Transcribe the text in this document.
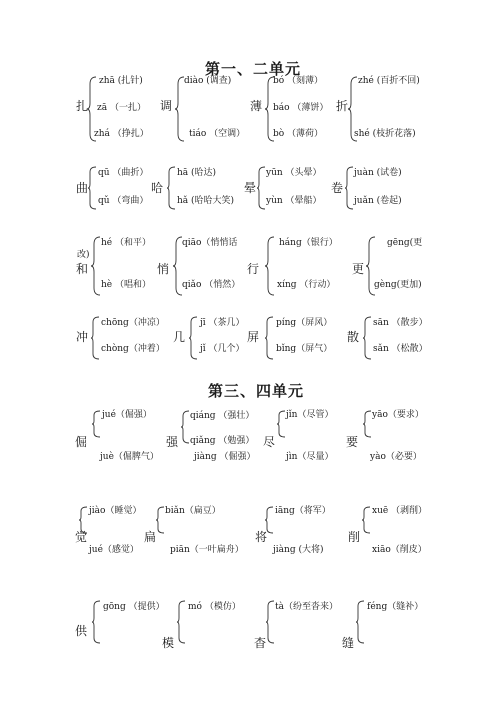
第一、二单元
第三、四单元
扎
zhā (扎针)
zā （一扎）
zhá （挣扎）
调
diào (调查)
tiáo （空调）
薄
bó （刻薄）
báo （薄饼）
bò （薄荷）
折
zhé (百折不回)
shé (枝折花落)
曲
qū （曲折）
qǔ （弯曲）
哈
hā (哈达)
hǎ (哈哈大笑)
晕
yūn （头晕）
yùn （晕船）
卷
juàn (试卷)
juǎn (卷起)
改)
和
hé （和平）
hè （唱和）
悄
qiāo（悄悄话
qiǎo （悄然）
行
háng（银行）
xíng （行动）
更
gēng(更
gèng(更加)
冲
chōng（冲凉）
chòng（冲着）
几
jī （茶几）
jǐ （几个）
屏
píng（屏风）
bǐng（屏气）
散
sān （散步）
sǎn （松散）
倔
jué（倔强）
juè（倔脾气）
强
qiáng （强壮）
qiǎng （勉强）
jiàng （倔强）
尽
jǐn（尽管）
jìn（尽量）
要
yāo（要求）
yào（必要）
觉
jiào（睡觉）
jué（感觉）
扁
biǎn（扁豆）
piān（一叶扁舟）
将
iāng（将军）
jiàng (大将)
削
xuē （剥削）
xiāo（削皮）
供
gōng （提供）
模
mó （模仿）
杳
tà（纷至沓来）
缝
féng（缝补）
